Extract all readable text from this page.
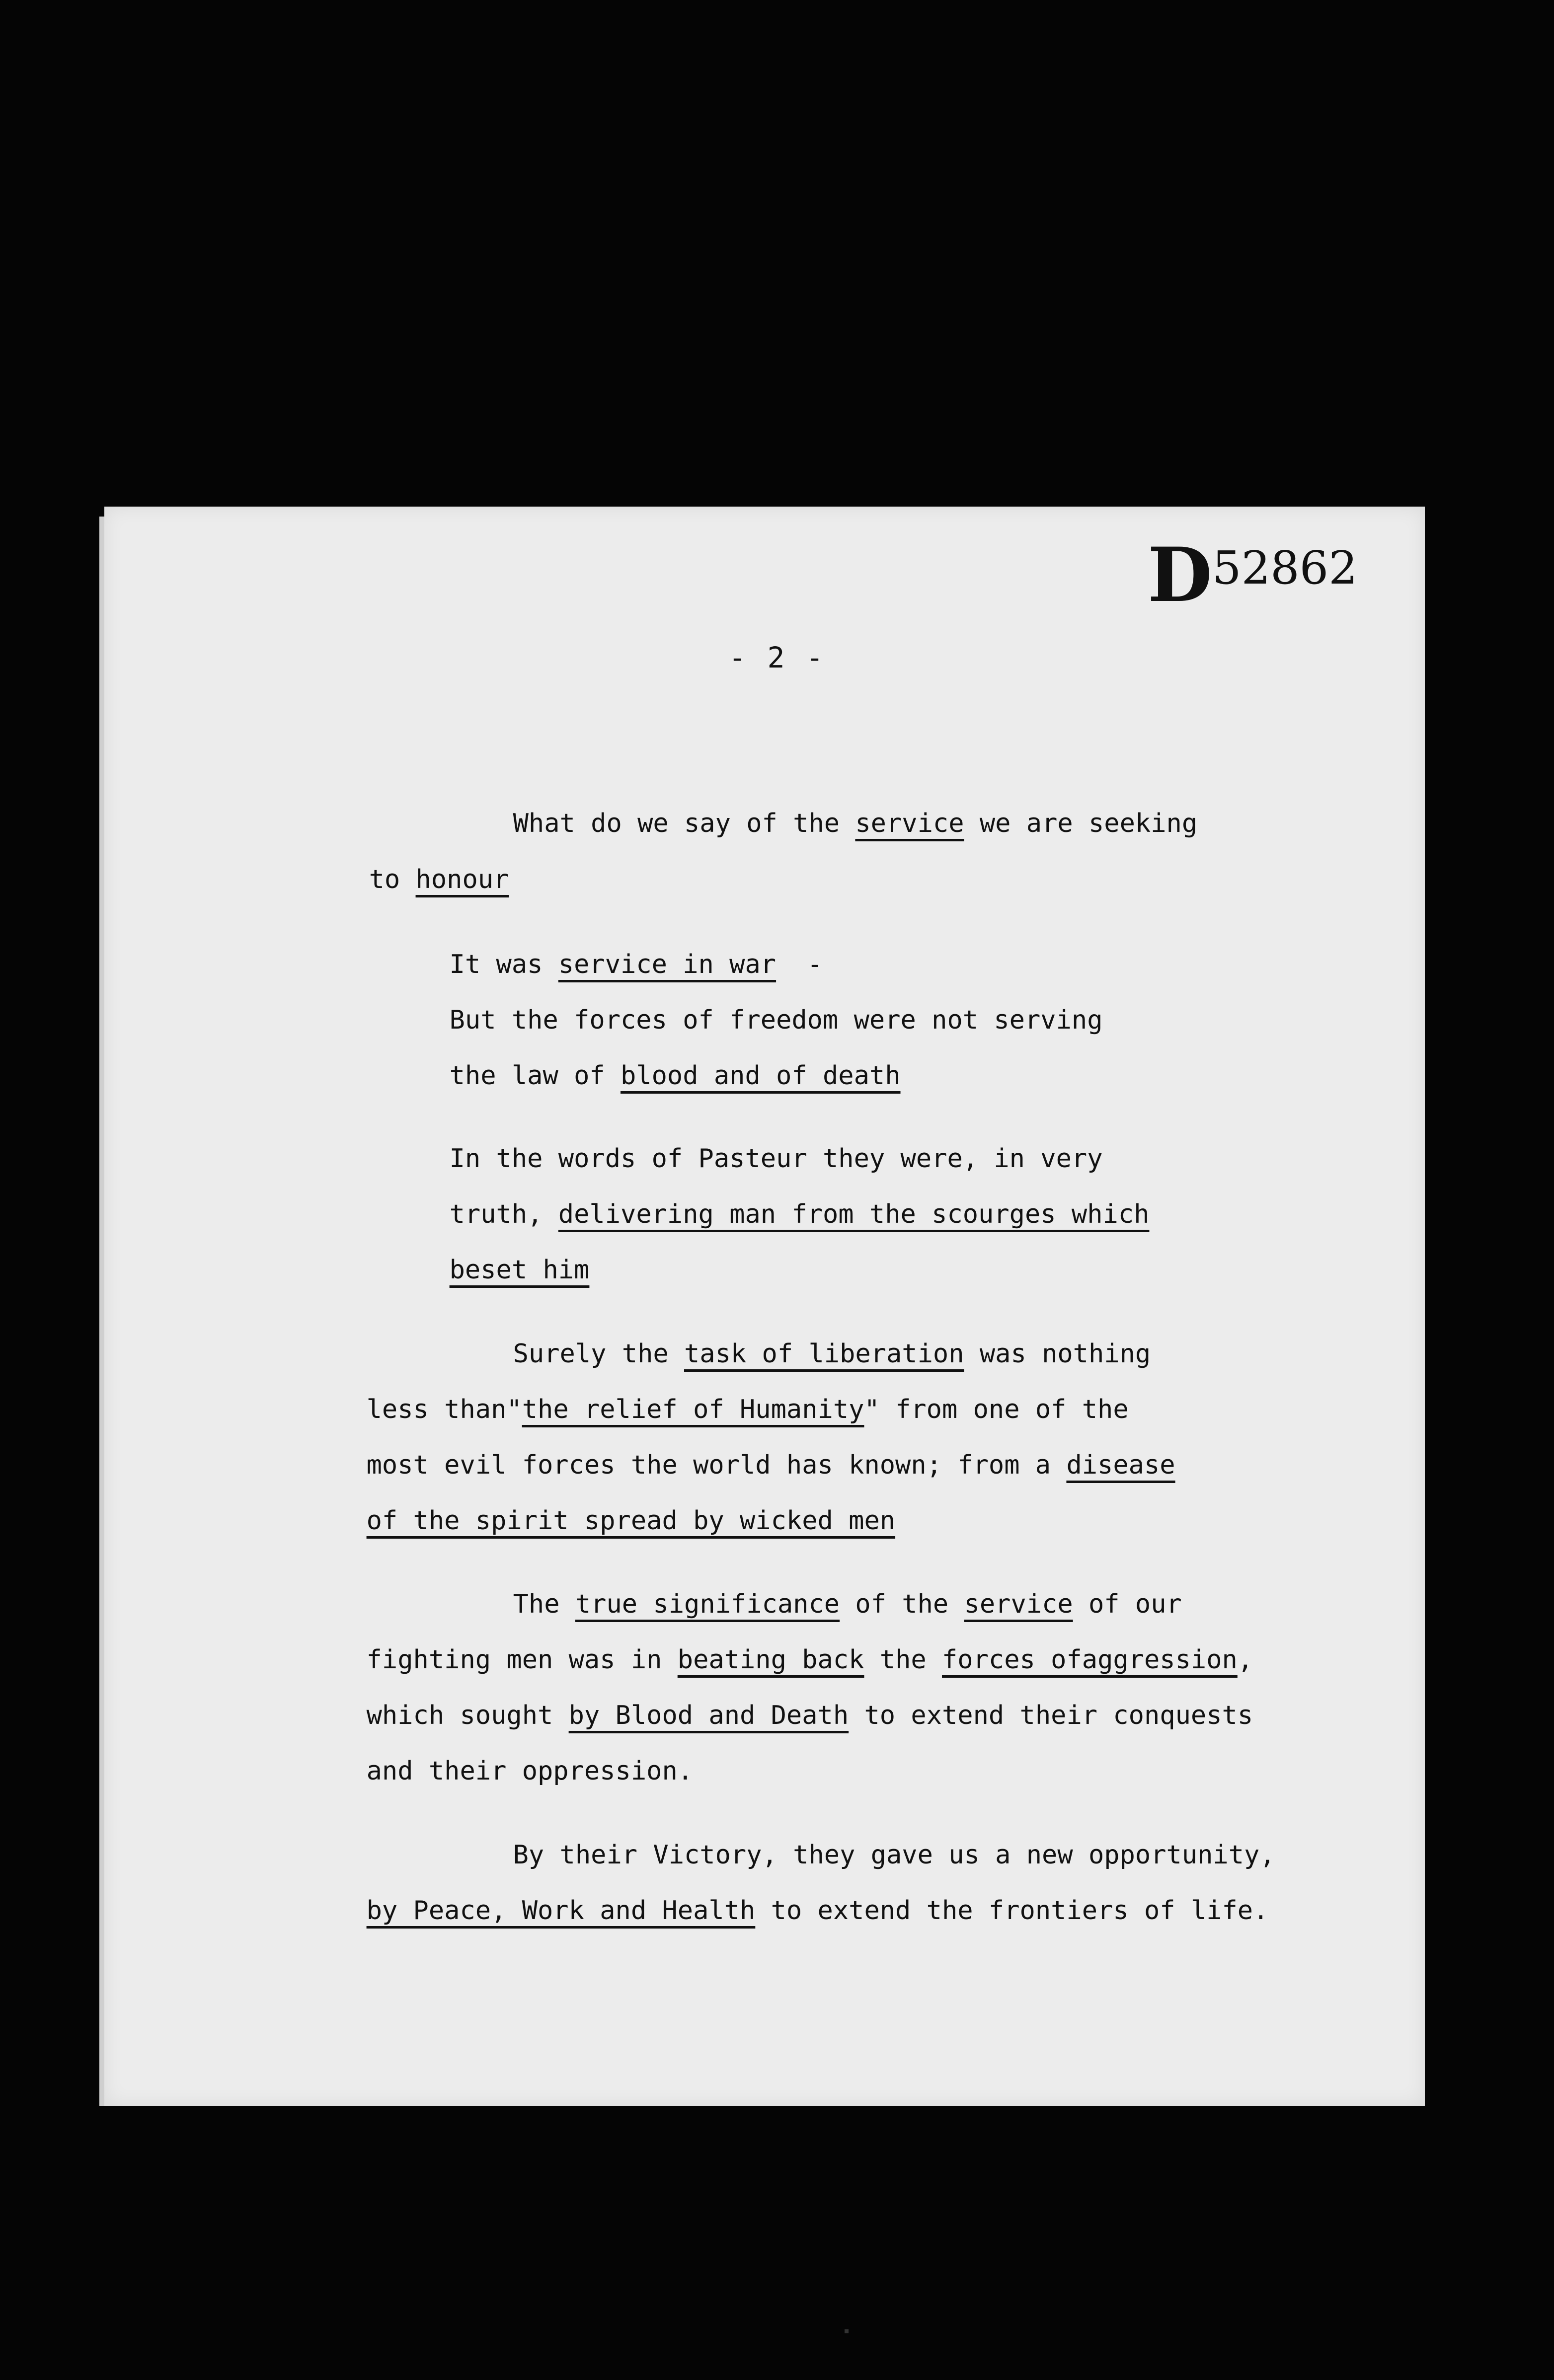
D52862
- 2 -

What do we say of the service we are seeking

to honour

It was service in war  -

But the forces of freedom were not serving

the law of blood and of death

In the words of Pasteur they were, in very

truth, delivering man from the scourges which

beset him

Surely the task of liberation was nothing

less than"the relief of Humanity" from one of the

most evil forces the world has known; from a disease

of the spirit spread by wicked men

The true significance of the service of our

fighting men was in beating back the forces ofaggression,

which sought by Blood and Death to extend their conquests

and their oppression.

By their Victory, they gave us a new opportunity,

by Peace, Work and Health to extend the frontiers of life.
